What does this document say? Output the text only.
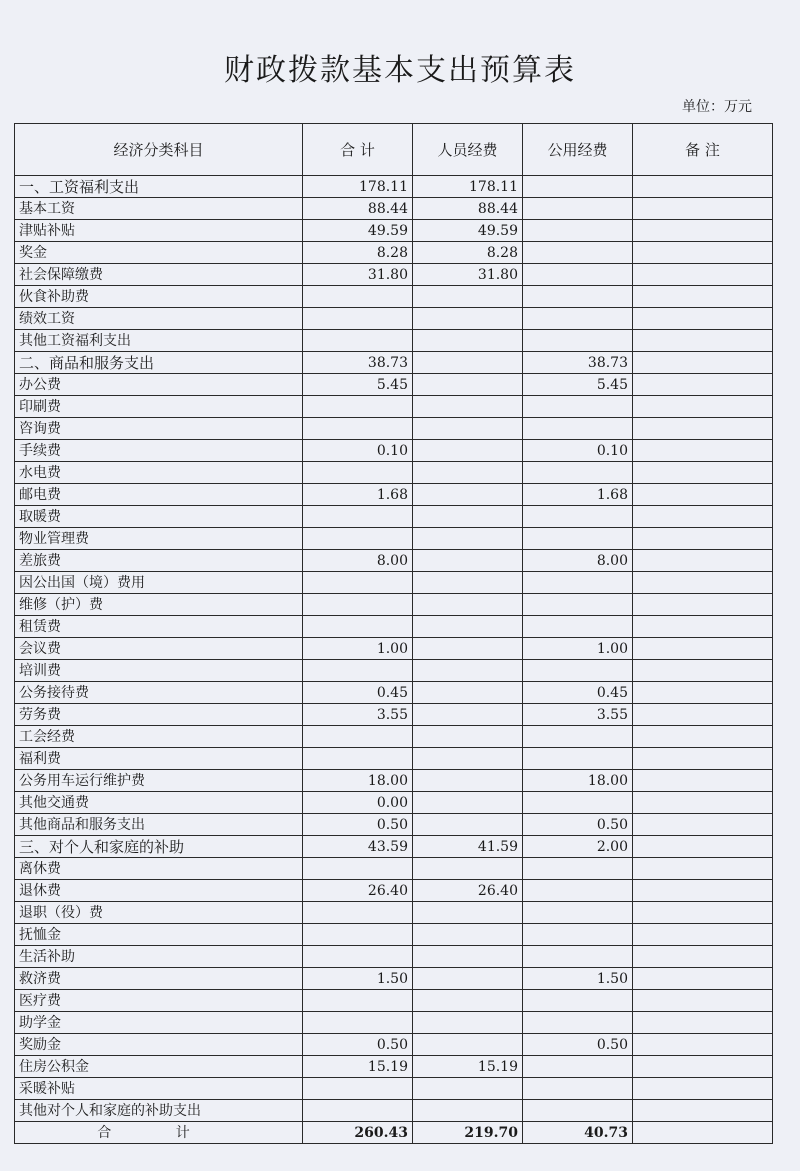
财政拨款基本支出预算表
单位：万元
经济分类科目	合 计	人员经费	公用经费	备 注
一、工资福利支出	178.11	178.11		
基本工资	88.44	88.44		
津贴补贴	49.59	49.59		
奖金	8.28	8.28		
社会保障缴费	31.80	31.80		
伙食补助费				
绩效工资				
其他工资福利支出				
二、商品和服务支出	38.73		38.73	
办公费	5.45		5.45	
印刷费				
咨询费				
手续费	0.10		0.10	
水电费				
邮电费	1.68		1.68	
取暖费				
物业管理费				
差旅费	8.00		8.00	
因公出国（境）费用				
维修（护）费				
租赁费				
会议费	1.00		1.00	
培训费				
公务接待费	0.45		0.45	
劳务费	3.55		3.55	
工会经费				
福利费				
公务用车运行维护费	18.00		18.00	
其他交通费	0.00			
其他商品和服务支出	0.50		0.50	
三、对个人和家庭的补助	43.59	41.59	2.00	
离休费				
退休费	26.40	26.40		
退职（役）费				
抚恤金				
生活补助				
救济费	1.50		1.50	
医疗费				
助学金				
奖励金	0.50		0.50	
住房公积金	15.19	15.19		
采暖补贴				
其他对个人和家庭的补助支出				
合 计	260.43	219.70	40.73	
